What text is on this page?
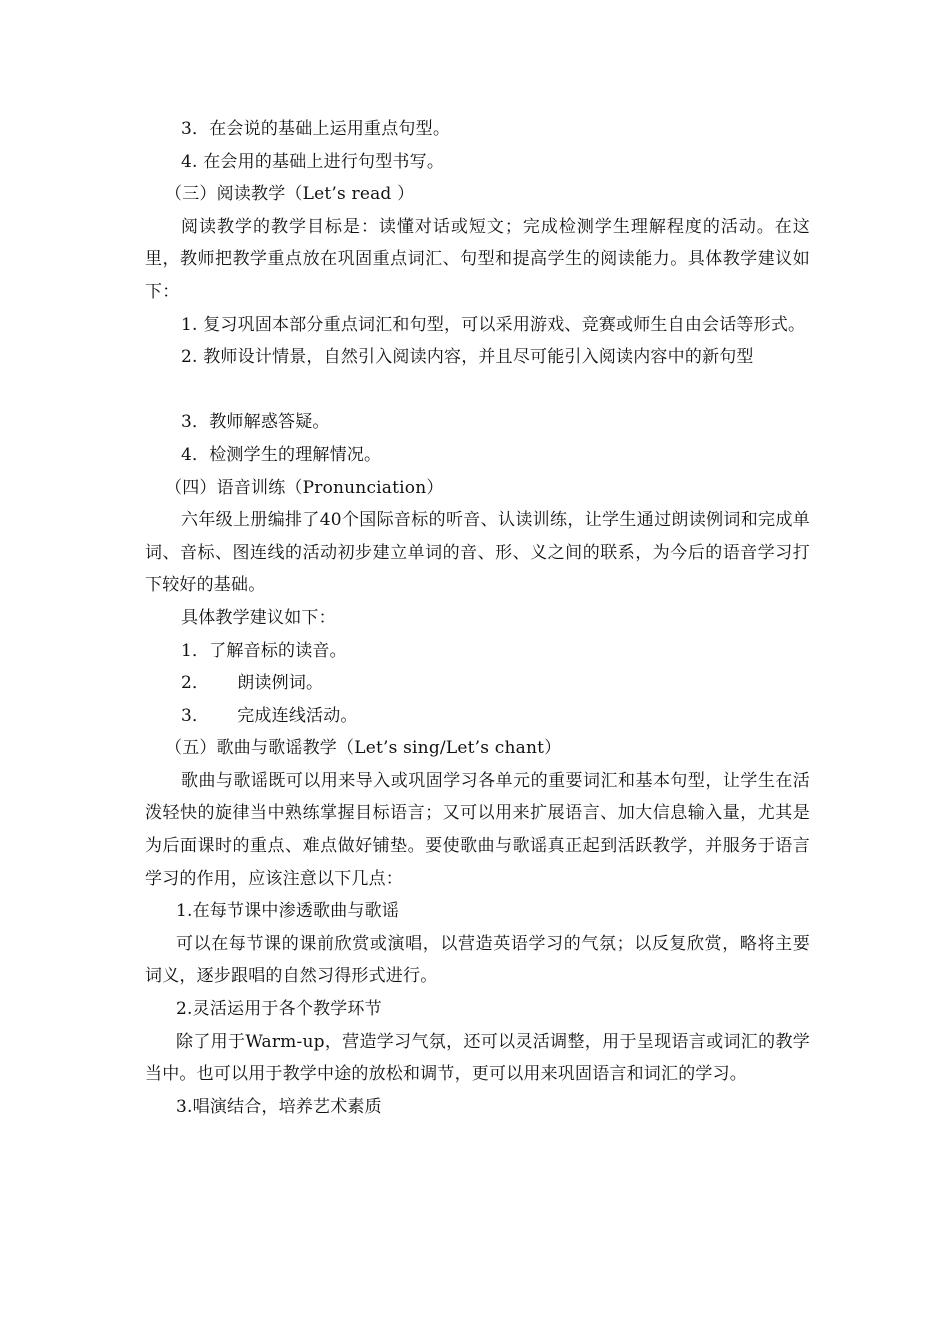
3．在会说的基础上运用重点句型。

4. 在会用的基础上进行句型书写。

（三）阅读教学（Let’s read ）

阅读教学的教学目标是：读懂对话或短文；完成检测学生理解程度的活动。在这里，教师把教学重点放在巩固重点词汇、句型和提高学生的阅读能力。具体教学建议如下：

1. 复习巩固本部分重点词汇和句型，可以采用游戏、竞赛或师生自由会话等形式。

2. 教师设计情景，自然引入阅读内容，并且尽可能引入阅读内容中的新句型

3．教师解惑答疑。

4．检测学生的理解情况。

（四）语音训练（Pronunciation）

六年级上册编排了40个国际音标的听音、认读训练，让学生通过朗读例词和完成单词、音标、图连线的活动初步建立单词的音、形、义之间的联系，为今后的语音学习打下较好的基础。

具体教学建议如下：

1．了解音标的读音。

2． 朗读例词。

3． 完成连线活动。

（五）歌曲与歌谣教学（Let’s sing/Let’s chant）

歌曲与歌谣既可以用来导入或巩固学习各单元的重要词汇和基本句型，让学生在活泼轻快的旋律当中熟练掌握目标语言；又可以用来扩展语言、加大信息输入量，尤其是为后面课时的重点、难点做好铺垫。要使歌曲与歌谣真正起到活跃教学，并服务于语言学习的作用，应该注意以下几点：

1.在每节课中渗透歌曲与歌谣

可以在每节课的课前欣赏或演唱，以营造英语学习的气氛；以反复欣赏，略将主要词义，逐步跟唱的自然习得形式进行。

2.灵活运用于各个教学环节

除了用于Warm-up，营造学习气氛，还可以灵活调整，用于呈现语言或词汇的教学当中。也可以用于教学中途的放松和调节，更可以用来巩固语言和词汇的学习。

3.唱演结合，培养艺术素质
